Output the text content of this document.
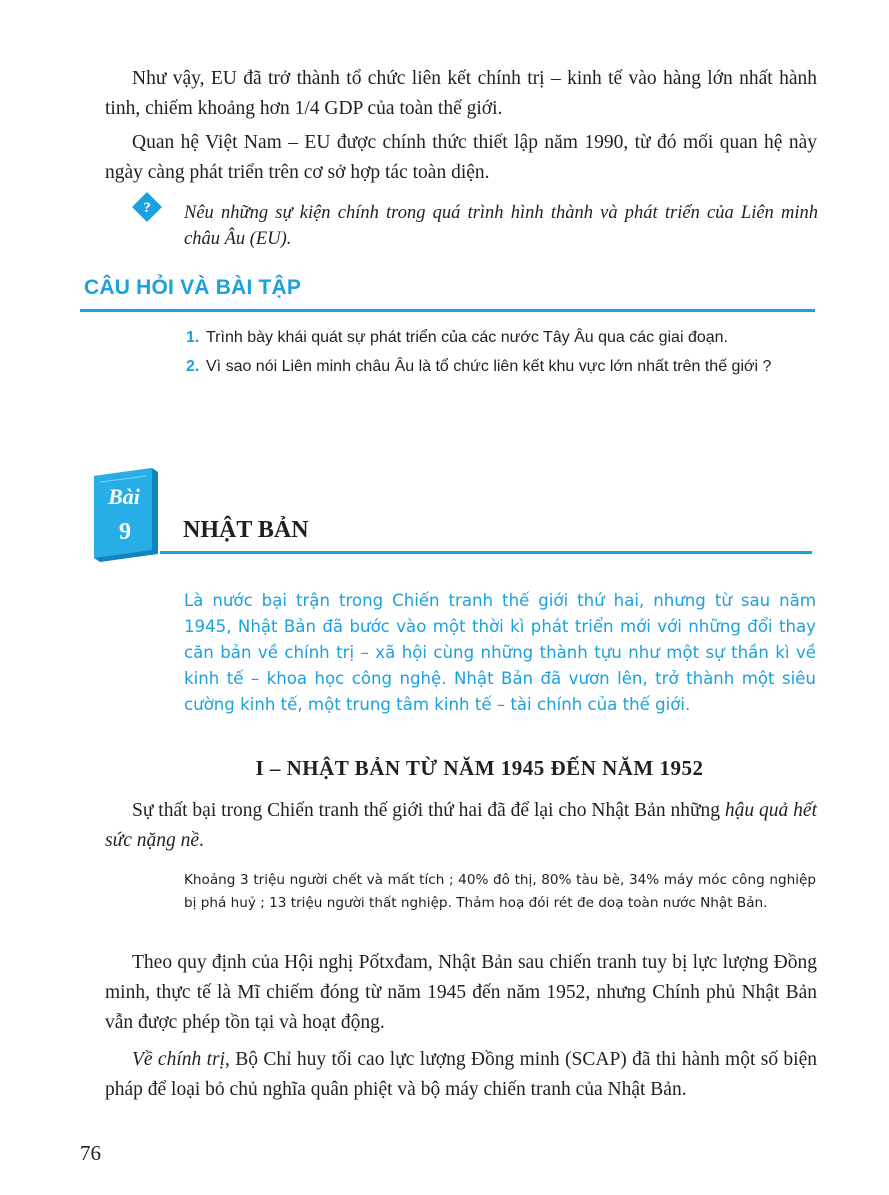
Như vậy, EU đã trở thành tổ chức liên kết chính trị – kinh tế vào hàng lớn nhất hành tinh, chiếm khoảng hơn 1/4 GDP của toàn thế giới.

Quan hệ Việt Nam – EU được chính thức thiết lập năm 1990, từ đó mối quan hệ này ngày càng phát triển trên cơ sở hợp tác toàn diện.

? Nêu những sự kiện chính trong quá trình hình thành và phát triển của Liên minh châu Âu (EU).

CÂU HỎI VÀ BÀI TẬP
1. Trình bày khái quát sự phát triển của các nước Tây Âu qua các giai đoạn.
2. Vì sao nói Liên minh châu Âu là tổ chức liên kết khu vực lớn nhất trên thế giới ?
Bài
9 NHẬT BẢN

Là nước bại trận trong Chiến tranh thế giới thứ hai, nhưng từ sau năm 1945, Nhật Bản đã bước vào một thời kì phát triển mới với những đổi thay căn bản về chính trị – xã hội cùng những thành tựu như một sự thần kì về kinh tế – khoa học công nghệ. Nhật Bản đã vươn lên, trở thành một siêu cường kinh tế, một trung tâm kinh tế – tài chính của thế giới.

I – NHẬT BẢN TỪ NĂM 1945 ĐẾN NĂM 1952

Sự thất bại trong Chiến tranh thế giới thứ hai đã để lại cho Nhật Bản những hậu quả hết sức nặng nề.

Khoảng 3 triệu người chết và mất tích ; 40% đô thị, 80% tàu bè, 34% máy móc công nghiệp bị phá huỷ ; 13 triệu người thất nghiệp. Thảm hoạ đói rét đe doạ toàn nước Nhật Bản.

Theo quy định của Hội nghị Pốtxđam, Nhật Bản sau chiến tranh tuy bị lực lượng Đồng minh, thực tế là Mĩ chiếm đóng từ năm 1945 đến năm 1952, nhưng Chính phủ Nhật Bản vẫn được phép tồn tại và hoạt động.

Về chính trị, Bộ Chỉ huy tối cao lực lượng Đồng minh (SCAP) đã thi hành một số biện pháp để loại bỏ chủ nghĩa quân phiệt và bộ máy chiến tranh của Nhật Bản.

76
